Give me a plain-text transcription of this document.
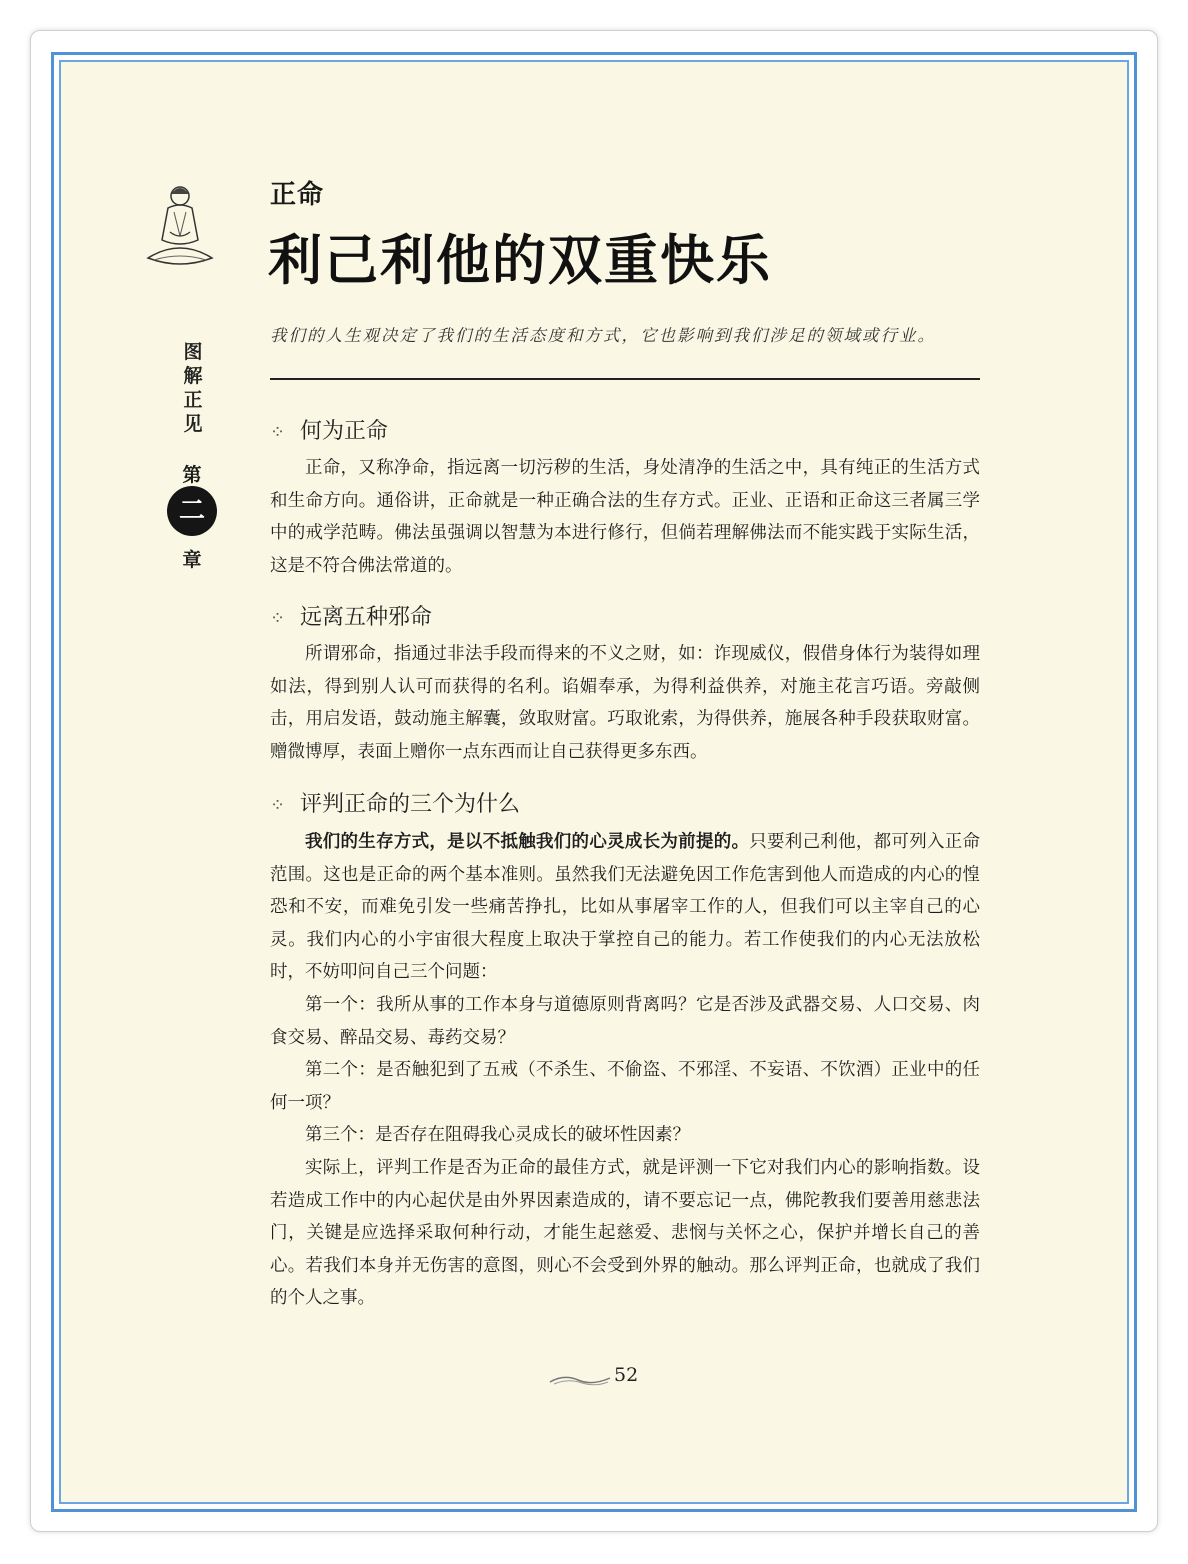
图
解
正
见
第
二
章
正命
利己利他的双重快乐
我们的人生观决定了我们的生活态度和方式，它也影响到我们涉足的领域或行业。
⁘ 何为正命

正命，又称净命，指远离一切污秽的生活，身处清净的生活之中，具有纯正的生活方式和生命方向。通俗讲，正命就是一种正确合法的生存方式。正业、正语和正命这三者属三学中的戒学范畴。佛法虽强调以智慧为本进行修行，但倘若理解佛法而不能实践于实际生活，这是不符合佛法常道的。

⁘ 远离五种邪命

所谓邪命，指通过非法手段而得来的不义之财，如：诈现威仪，假借身体行为装得如理如法，得到别人认可而获得的名利。谄媚奉承，为得利益供养，对施主花言巧语。旁敲侧击，用启发语，鼓动施主解囊，敛取财富。巧取讹索，为得供养，施展各种手段获取财富。赠微博厚，表面上赠你一点东西而让自己获得更多东西。

⁘ 评判正命的三个为什么

我们的生存方式，是以不抵触我们的心灵成长为前提的。只要利己利他，都可列入正命范围。这也是正命的两个基本准则。虽然我们无法避免因工作危害到他人而造成的内心的惶恐和不安，而难免引发一些痛苦挣扎，比如从事屠宰工作的人，但我们可以主宰自己的心灵。我们内心的小宇宙很大程度上取决于掌控自己的能力。若工作使我们的内心无法放松时，不妨叩问自己三个问题：

第一个：我所从事的工作本身与道德原则背离吗？它是否涉及武器交易、人口交易、肉食交易、醉品交易、毒药交易？

第二个：是否触犯到了五戒（不杀生、不偷盗、不邪淫、不妄语、不饮酒）正业中的任何一项？

第三个：是否存在阻碍我心灵成长的破坏性因素？

实际上，评判工作是否为正命的最佳方式，就是评测一下它对我们内心的影响指数。设若造成工作中的内心起伏是由外界因素造成的，请不要忘记一点，佛陀教我们要善用慈悲法门，关键是应选择采取何种行动，才能生起慈爱、悲悯与关怀之心，保护并增长自己的善心。若我们本身并无伤害的意图，则心不会受到外界的触动。那么评判正命，也就成了我们的个人之事。

52
